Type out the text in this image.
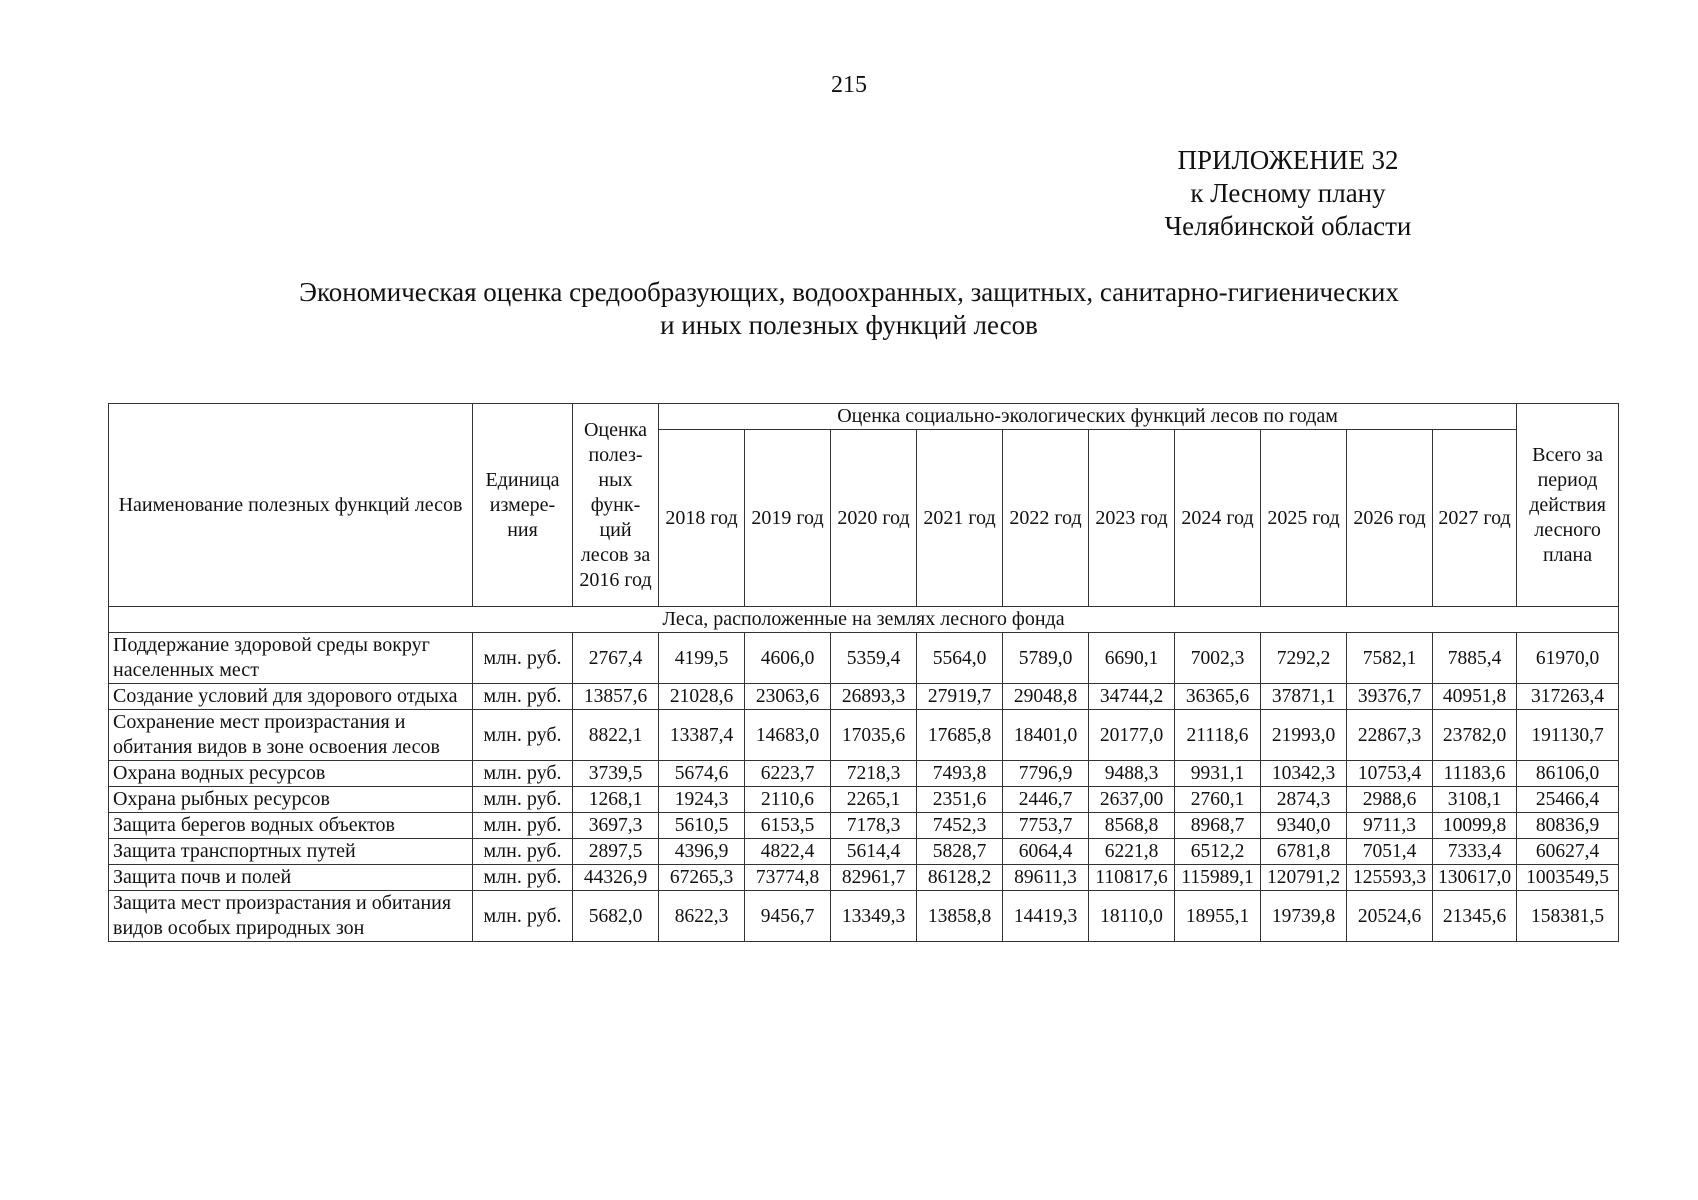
215
ПРИЛОЖЕНИЕ 32
к Лесному плану
Челябинской области
Экономическая оценка средообразующих, водоохранных, защитных, санитарно-гигиенических
и иных полезных функций лесов
Наименование полезных функций лесов	Единица измере-ния	Оценка полез-ных функ-ций лесов за 2016 год	Оценка социально-экологических функций лесов по годам										Всего за период действия лесного плана
			2018 год	2019 год	2020 год	2021 год	2022 год	2023 год	2024 год	2025 год	2026 год	2027 год	
Леса, расположенные на землях лесного фонда													
Поддержание здоровой среды вокруг населенных мест	млн. руб.	2767,4	4199,5	4606,0	5359,4	5564,0	5789,0	6690,1	7002,3	7292,2	7582,1	7885,4	61970,0
Создание условий для здорового отдыха	млн. руб.	13857,6	21028,6	23063,6	26893,3	27919,7	29048,8	34744,2	36365,6	37871,1	39376,7	40951,8	317263,4
Сохранение мест произрастания и обитания видов в зоне освоения лесов	млн. руб.	8822,1	13387,4	14683,0	17035,6	17685,8	18401,0	20177,0	21118,6	21993,0	22867,3	23782,0	191130,7
Охрана водных ресурсов	млн. руб.	3739,5	5674,6	6223,7	7218,3	7493,8	7796,9	9488,3	9931,1	10342,3	10753,4	11183,6	86106,0
Охрана рыбных ресурсов	млн. руб.	1268,1	1924,3	2110,6	2265,1	2351,6	2446,7	2637,00	2760,1	2874,3	2988,6	3108,1	25466,4
Защита берегов водных объектов	млн. руб.	3697,3	5610,5	6153,5	7178,3	7452,3	7753,7	8568,8	8968,7	9340,0	9711,3	10099,8	80836,9
Защита транспортных путей	млн. руб.	2897,5	4396,9	4822,4	5614,4	5828,7	6064,4	6221,8	6512,2	6781,8	7051,4	7333,4	60627,4
Защита почв и полей	млн. руб.	44326,9	67265,3	73774,8	82961,7	86128,2	89611,3	110817,6	115989,1	120791,2	125593,3	130617,0	1003549,5
Защита мест произрастания и обитания видов особых природных зон	млн. руб.	5682,0	8622,3	9456,7	13349,3	13858,8	14419,3	18110,0	18955,1	19739,8	20524,6	21345,6	158381,5
